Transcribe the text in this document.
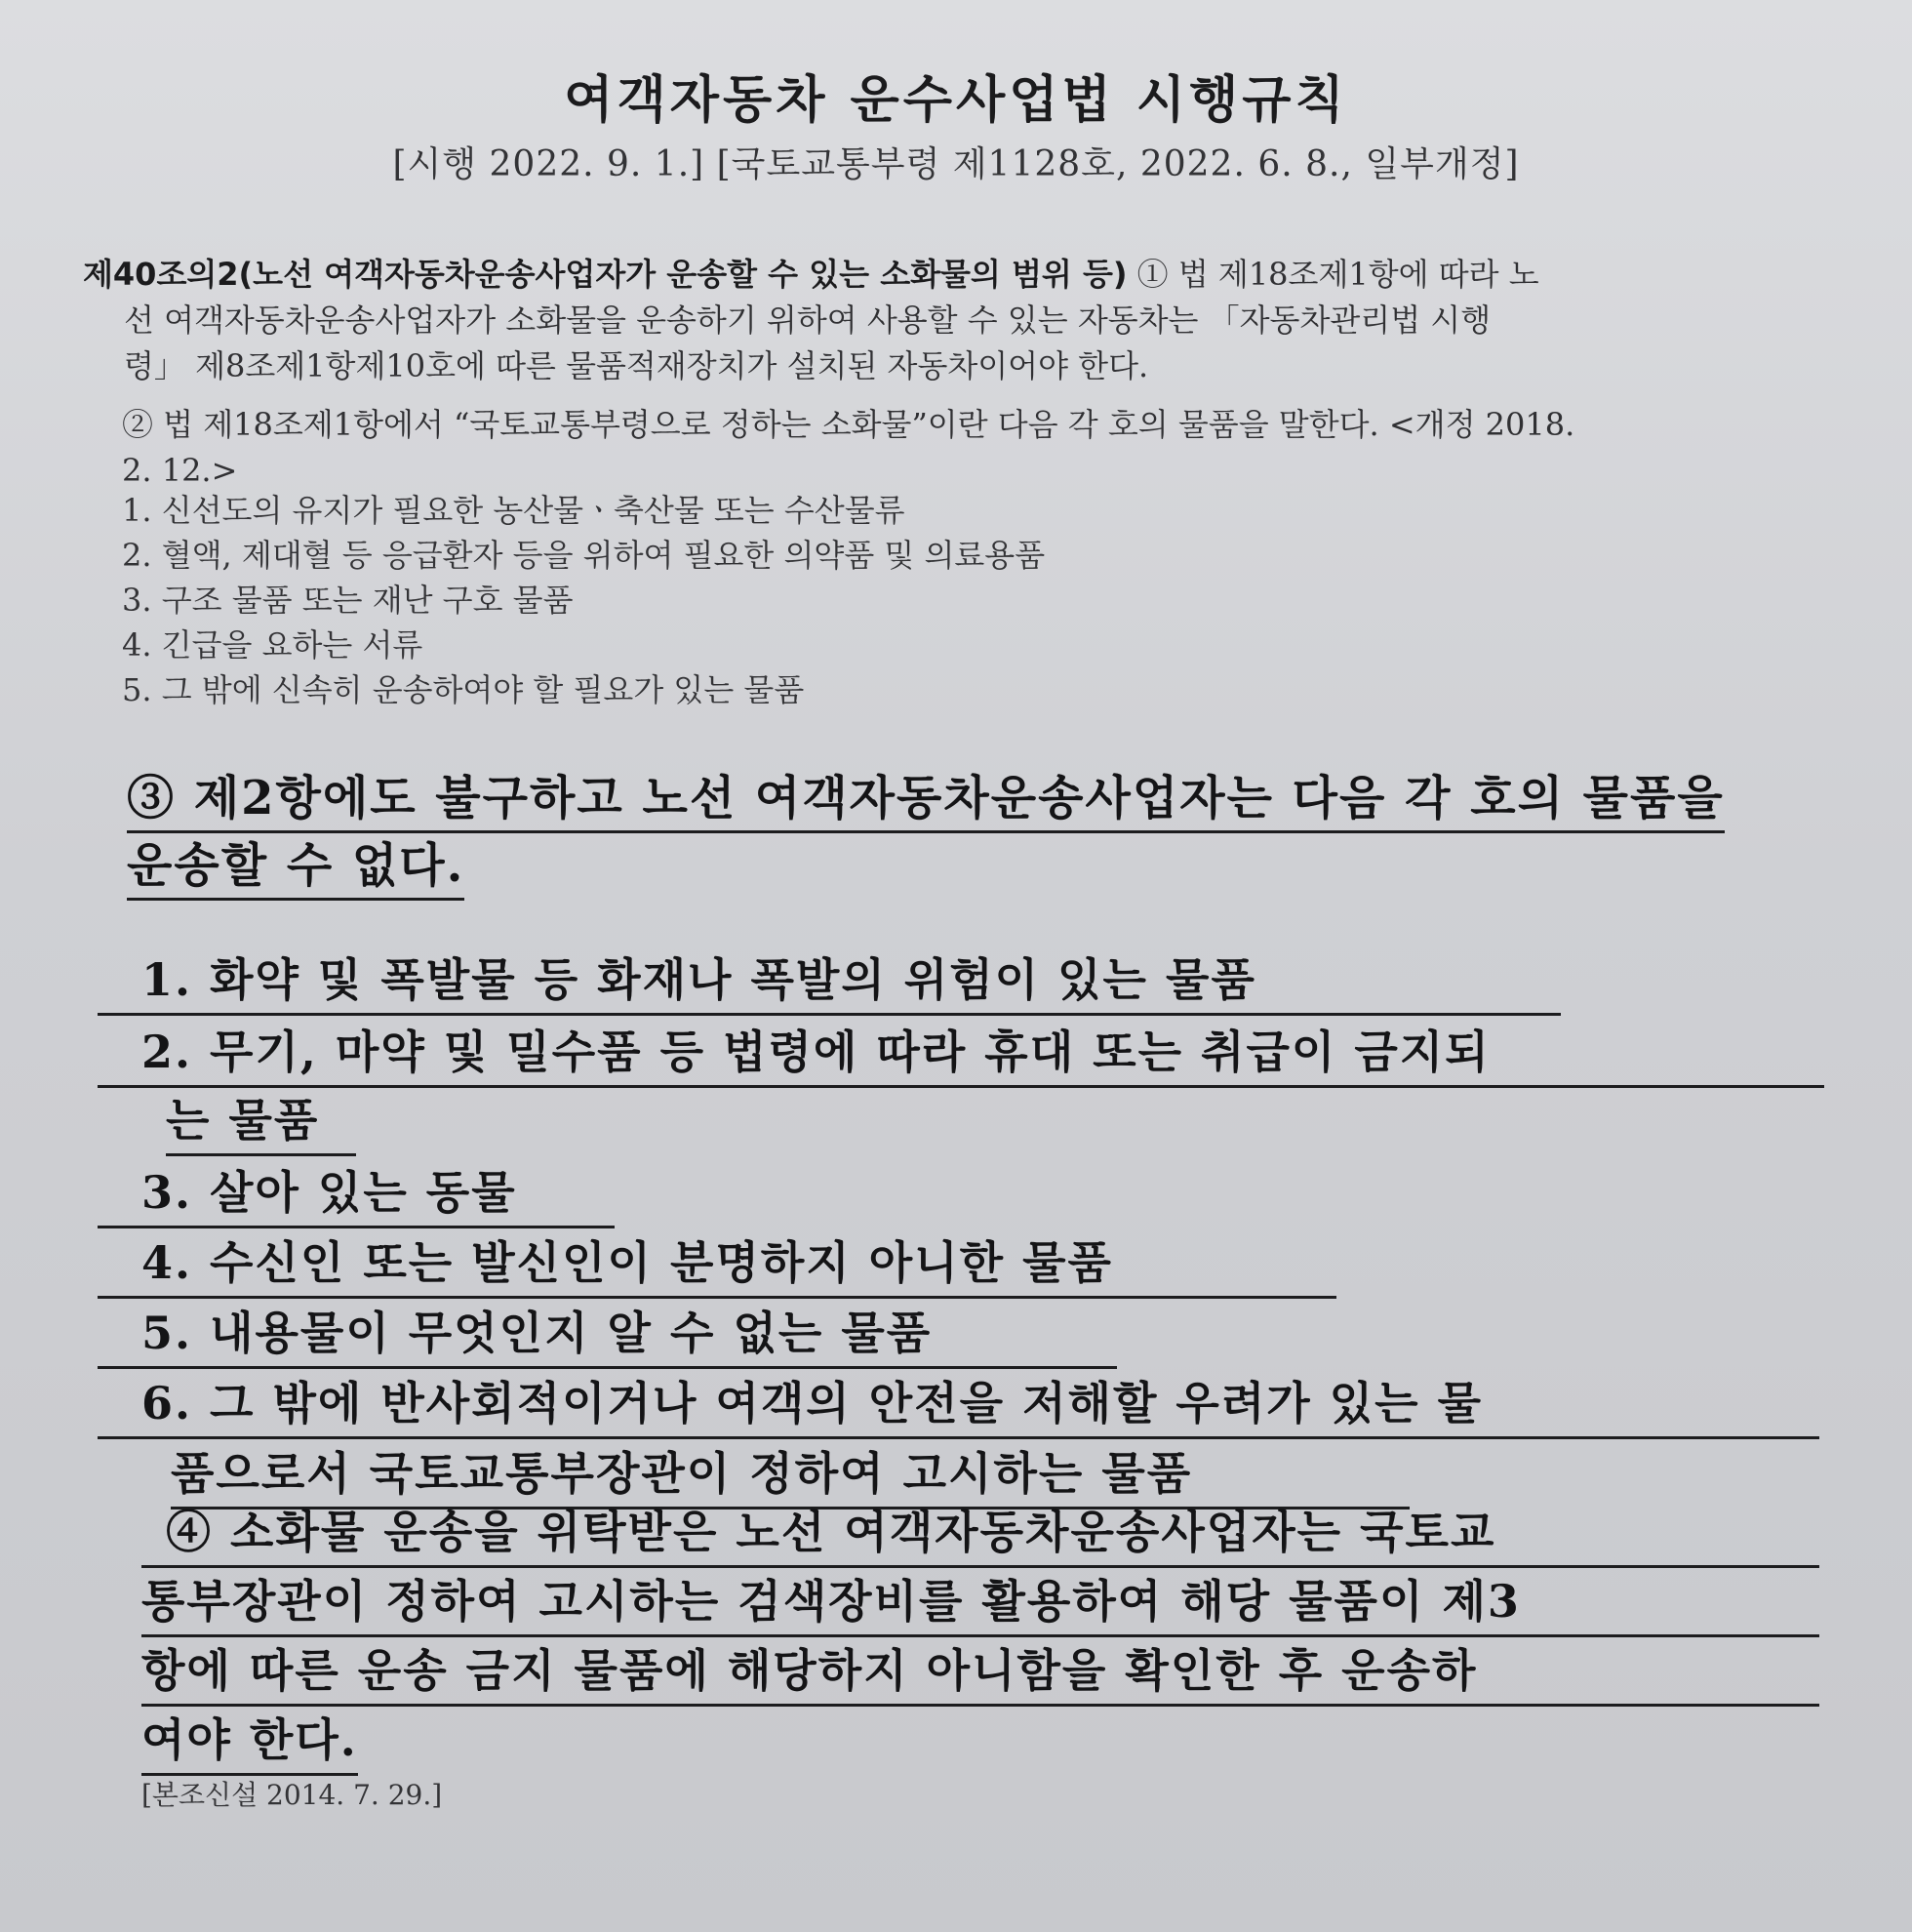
여객자동차 운수사업법 시행규칙
[시행 2022. 9. 1.] [국토교통부령 제1128호, 2022. 6. 8., 일부개정]
제40조의2(노선 여객자동차운송사업자가 운송할 수 있는 소화물의 범위 등) ① 법 제18조제1항에 따라 노
선 여객자동차운송사업자가 소화물을 운송하기 위하여 사용할 수 있는 자동차는 「자동차관리법 시행
령」 제8조제1항제10호에 따른 물품적재장치가 설치된 자동차이어야 한다.
② 법 제18조제1항에서 “국토교통부령으로 정하는 소화물”이란 다음 각 호의 물품을 말한다. <개정 2018.
2. 12.>
1. 신선도의 유지가 필요한 농산물ㆍ축산물 또는 수산물류
2. 혈액, 제대혈 등 응급환자 등을 위하여 필요한 의약품 및 의료용품
3. 구조 물품 또는 재난 구호 물품
4. 긴급을 요하는 서류
5. 그 밖에 신속히 운송하여야 할 필요가 있는 물품
③ 제2항에도 불구하고 노선 여객자동차운송사업자는 다음 각 호의 물품을
운송할 수 없다.
1. 화약 및 폭발물 등 화재나 폭발의 위험이 있는 물품
2. 무기, 마약 및 밀수품 등 법령에 따라 휴대 또는 취급이 금지되
는 물품
3. 살아 있는 동물
4. 수신인 또는 발신인이 분명하지 아니한 물품
5. 내용물이 무엇인지 알 수 없는 물품
6. 그 밖에 반사회적이거나 여객의 안전을 저해할 우려가 있는 물
품으로서 국토교통부장관이 정하여 고시하는 물품
④ 소화물 운송을 위탁받은 노선 여객자동차운송사업자는 국토교
통부장관이 정하여 고시하는 검색장비를 활용하여 해당 물품이 제3
항에 따른 운송 금지 물품에 해당하지 아니함을 확인한 후 운송하
여야 한다.
[본조신설 2014. 7. 29.]
